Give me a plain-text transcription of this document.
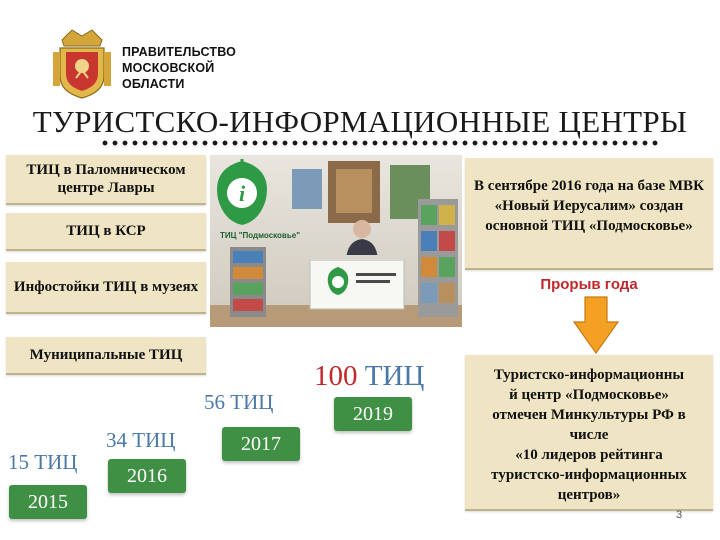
ПРАВИТЕЛЬСТВО
МОСКОВСКОЙ
ОБЛАСТИ
ТУРИСТСКО-ИНФОРМАЦИОННЫЕ ЦЕНТРЫ
ТИЦ в Паломническом центре Лавры
ТИЦ в КСР
Инфостойки ТИЦ в музеях
Муниципальные ТИЦ
i
ТИЦ "Подмосковье"
В сентябре 2016 года на базе МВК «Новый Иерусалим» создан основной ТИЦ «Подмосковье»
Прорыв года
Туристско-информационны
й центр «Подмосковье»
отмечен Минкультуры РФ в
числе
«10 лидеров рейтинга
туристско-информационных
центров»
15 ТИЦ
34 ТИЦ
56 ТИЦ
100 ТИЦ
2015
2016
2017
2019
3
